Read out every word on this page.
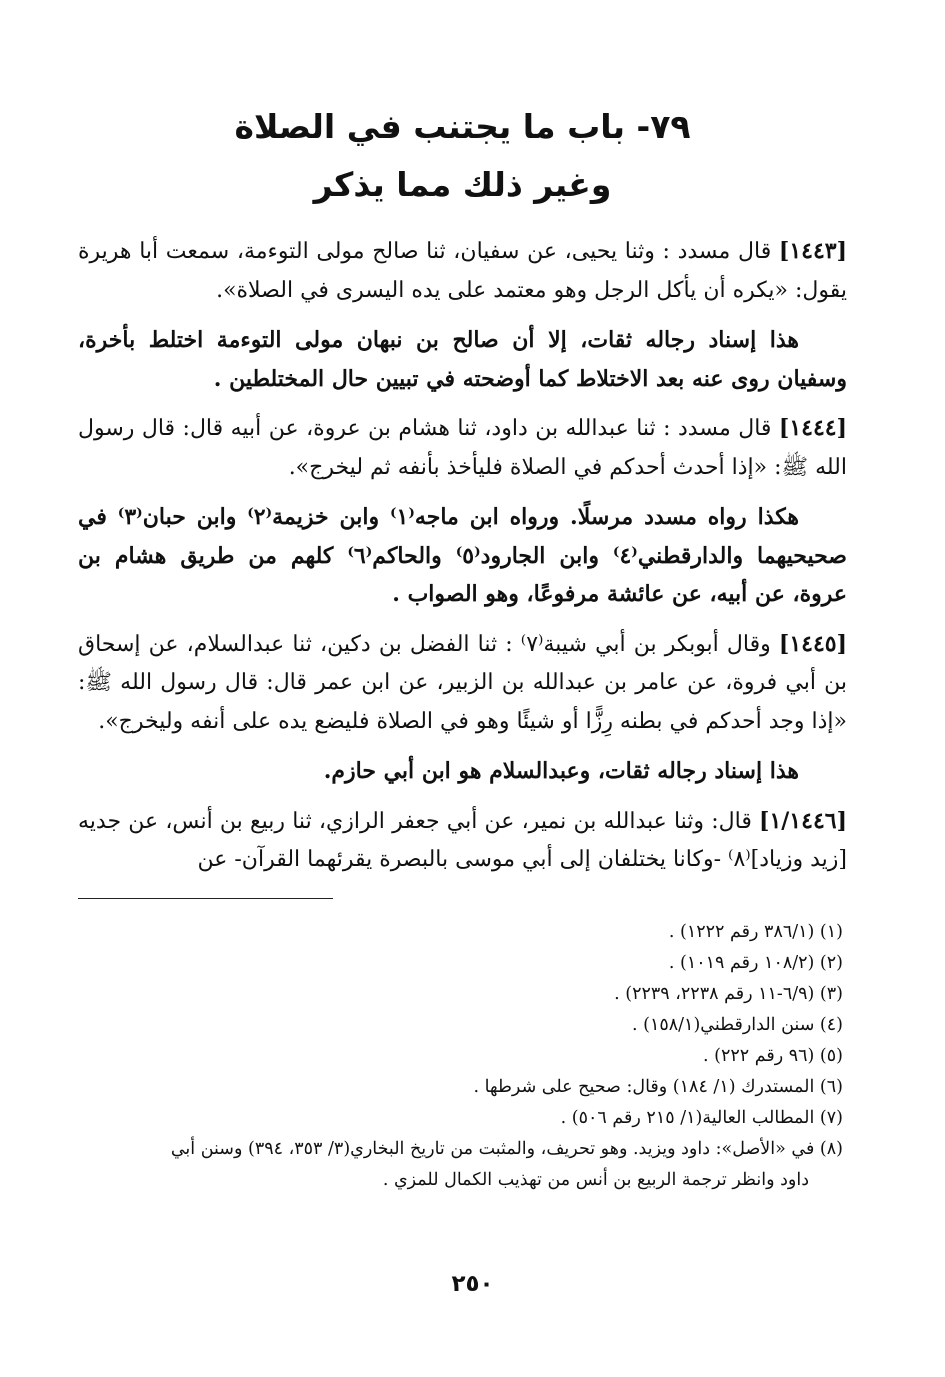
٧٩- باب ما يجتنب في الصلاة
وغير ذلك مما يذكر

[١٤٤٣] قال مسدد : وثنا يحيى، عن سفيان، ثنا صالح مولى التوءمة، سمعت أبا هريرة يقول: «يكره أن يأكل الرجل وهو معتمد على يده اليسرى في الصلاة».

هذا إسناد رجاله ثقات، إلا أن صالح بن نبهان مولى التوءمة اختلط بأخرة، وسفيان روى عنه بعد الاختلاط كما أوضحته في تبيين حال المختلطين .

[١٤٤٤] قال مسدد : ثنا عبدالله بن داود، ثنا هشام بن عروة، عن أبيه قال: قال رسول الله ﷺ: «إذا أحدث أحدكم في الصلاة فليأخذ بأنفه ثم ليخرج».

هكذا رواه مسدد مرسلًا. ورواه ابن ماجه⁽١⁾ وابن خزيمة⁽٢⁾ وابن حبان⁽٣⁾ في صحيحيهما والدارقطني⁽٤⁾ وابن الجارود⁽٥⁾ والحاكم⁽٦⁾ كلهم من طريق هشام بن عروة، عن أبيه، عن عائشة مرفوعًا، وهو الصواب .

[١٤٤٥] وقال أبوبكر بن أبي شيبة⁽٧⁾ : ثنا الفضل بن دكين، ثنا عبدالسلام، عن إسحاق بن أبي فروة، عن عامر بن عبدالله بن الزبير، عن ابن عمر قال: قال رسول الله ﷺ: «إذا وجد أحدكم في بطنه رِزًّا أو شيئًا وهو في الصلاة فليضع يده على أنفه وليخرج».

هذا إسناد رجاله ثقات، وعبدالسلام هو ابن أبي حازم.

[١/١٤٤٦] قال: وثنا عبدالله بن نمير، عن أبي جعفر الرازي، ثنا ربيع بن أنس، عن جديه [زيد وزياد]⁽٨⁾ -وكانا يختلفان إلى أبي موسى بالبصرة يقرئهما القرآن- عن

(١) (٣٨٦/١ رقم ١٢٢٢) .
(٢) (١٠٨/٢ رقم ١٠١٩) .
(٣) (٦/٩-١١ رقم ٢٢٣٨، ٢٢٣٩) .
(٤) سنن الدارقطني(١٥٨/١) .
(٥) (٩٦ رقم ٢٢٢) .
(٦) المستدرك (١/ ١٨٤) وقال: صحيح على شرطها .
(٧) المطالب العالية(١/ ٢١٥ رقم ٥٠٦) .
(٨) في «الأصل»: داود ويزيد. وهو تحريف، والمثبت من تاريخ البخاري(٣/ ٣٥٣، ٣٩٤) وسنن أبي
داود وانظر ترجمة الربيع بن أنس من تهذيب الكمال للمزي .
٢٥٠
